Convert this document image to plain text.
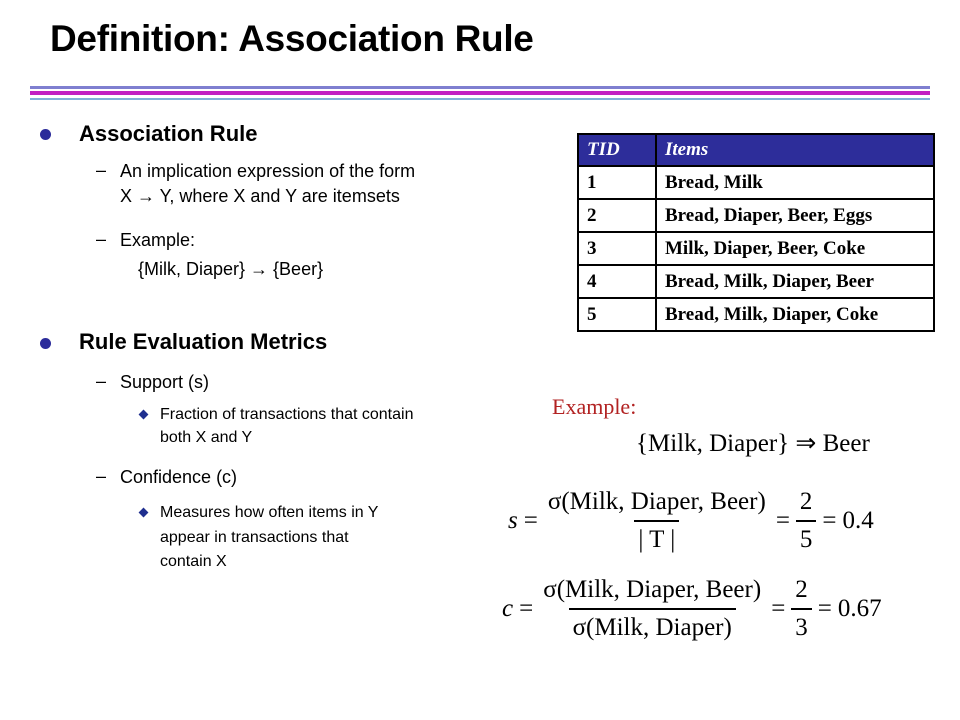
Definition: Association Rule
Association Rule
– An implication expression of the form
X → Y, where X and Y are itemsets
– Example:
{Milk, Diaper} → {Beer}
Rule Evaluation Metrics
– Support (s)
Fraction of transactions that contain
both X and Y
– Confidence (c)
Measures how often items in Y
appear in transactions that
contain X
TID	Items
1	Bread, Milk
2	Bread, Diaper, Beer, Eggs
3	Milk, Diaper, Beer, Coke
4	Bread, Milk, Diaper, Beer
5	Bread, Milk, Diaper, Coke
Example:
{Milk, Diaper} ⇒ Beer
$s = \frac{\text{σ(Milk, Diaper, Beer)}}{| T |} = \frac{2}{5} = 0.4$
$c = \frac{\text{σ(Milk, Diaper, Beer)}}{\text{σ(Milk, Diaper)}} = \frac{2}{3} = 0.67$
